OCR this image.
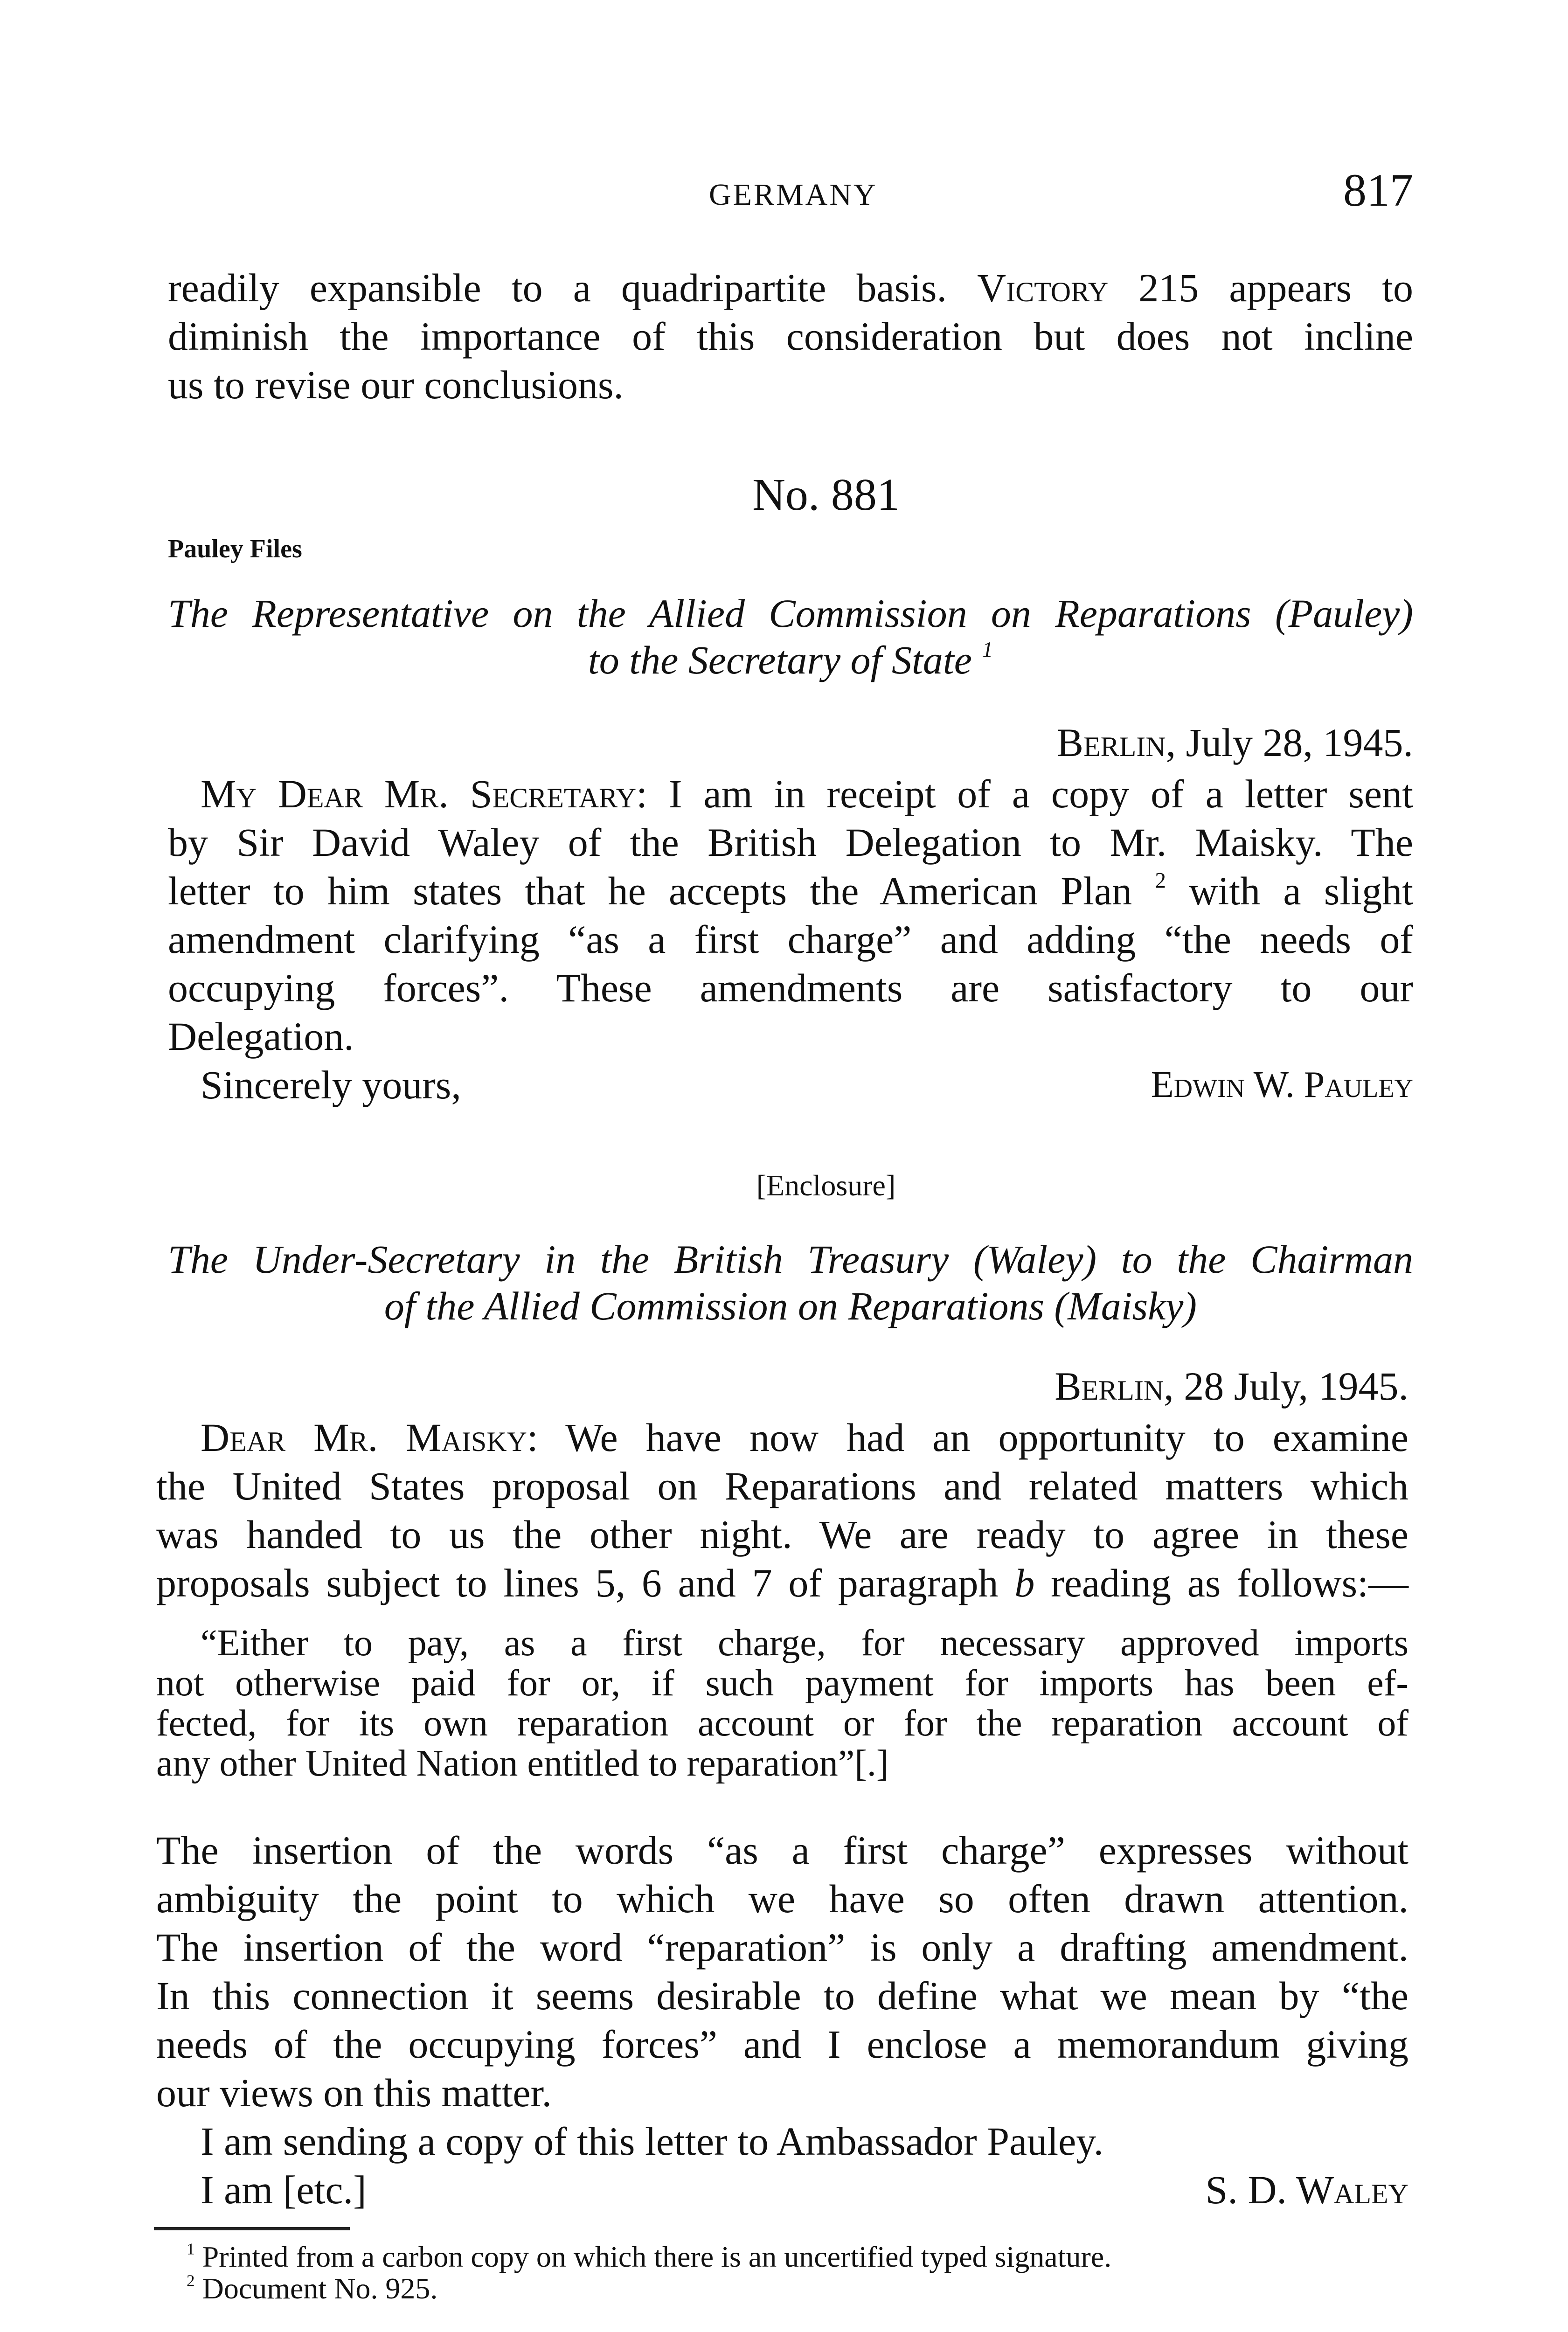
GERMANY	817
readily expansible to a quadripartite basis. Victory 215 appears to
diminish the importance of this consideration but does not incline
us to revise our conclusions.
No. 881
Pauley Files
The Representative on the Allied Commission on Reparations (Pauley)
to the Secretary of State $^1$
Berlin, July 28, 1945.
My Dear Mr. Secretary: I am in receipt of a copy of a letter sent
by Sir David Waley of the British Delegation to Mr. Maisky. The
letter to him states that he accepts the American Plan $^2$ with a slight
amendment clarifying “as a first charge” and adding “the needs of
occupying forces”. These amendments are satisfactory to our
Delegation.
Sincerely yours,	Edwin W. Pauley
[Enclosure]
The Under-Secretary in the British Treasury (Waley) to the Chairman
of the Allied Commission on Reparations (Maisky)
Berlin, 28 July, 1945.
Dear Mr. Maisky: We have now had an opportunity to examine
the United States proposal on Reparations and related matters which
was handed to us the other night. We are ready to agree in these
proposals subject to lines 5, 6 and 7 of paragraph b reading as follows:—
“Either to pay, as a first charge, for necessary approved imports
not otherwise paid for or, if such payment for imports has been ef-
fected, for its own reparation account or for the reparation account of
any other United Nation entitled to reparation”[.]
The insertion of the words “as a first charge” expresses without
ambiguity the point to which we have so often drawn attention.
The insertion of the word “reparation” is only a drafting amendment.
In this connection it seems desirable to define what we mean by “the
needs of the occupying forces” and I enclose a memorandum giving
our views on this matter.
I am sending a copy of this letter to Ambassador Pauley.
I am [etc.]	S. D. Waley
$^1$ Printed from a carbon copy on which there is an uncertified typed signature.
$^2$ Document No. 925.
